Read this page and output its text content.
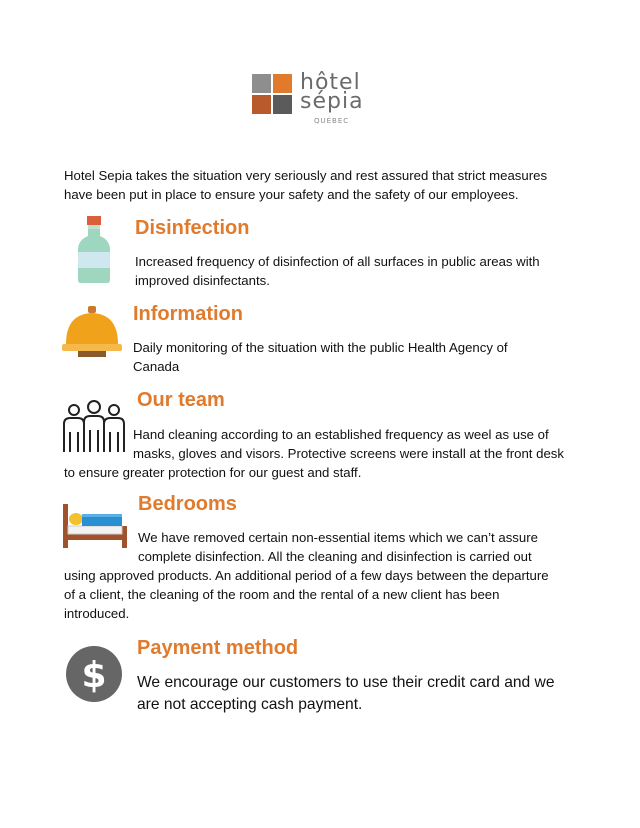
hôtel
sépia
QUÉBEC
Hotel Sepia takes the situation very seriously and rest assured that strict measures have been put in place to ensure your safety and the safety of our employees.
Disinfection
Increased frequency of disinfection of all surfaces in public areas with improved disinfectants.
Information
Daily monitoring of the situation with the public Health Agency of Canada
Our team
Hand cleaning according to an established frequency as weel as use of
masks, gloves and visors. Protective screens were install at the front desk to ensure greater protection for our guest and staff.
Bedrooms
We have removed certain non-essential items which we can’t assure
complete disinfection. All the cleaning and disinfection is carried out
using approved products. An additional period of a few days between the departure of a client, the cleaning of the room and the rental of a new client has been introduced.
$
Payment method
We encourage our customers to use their credit card and we are not accepting cash payment.
